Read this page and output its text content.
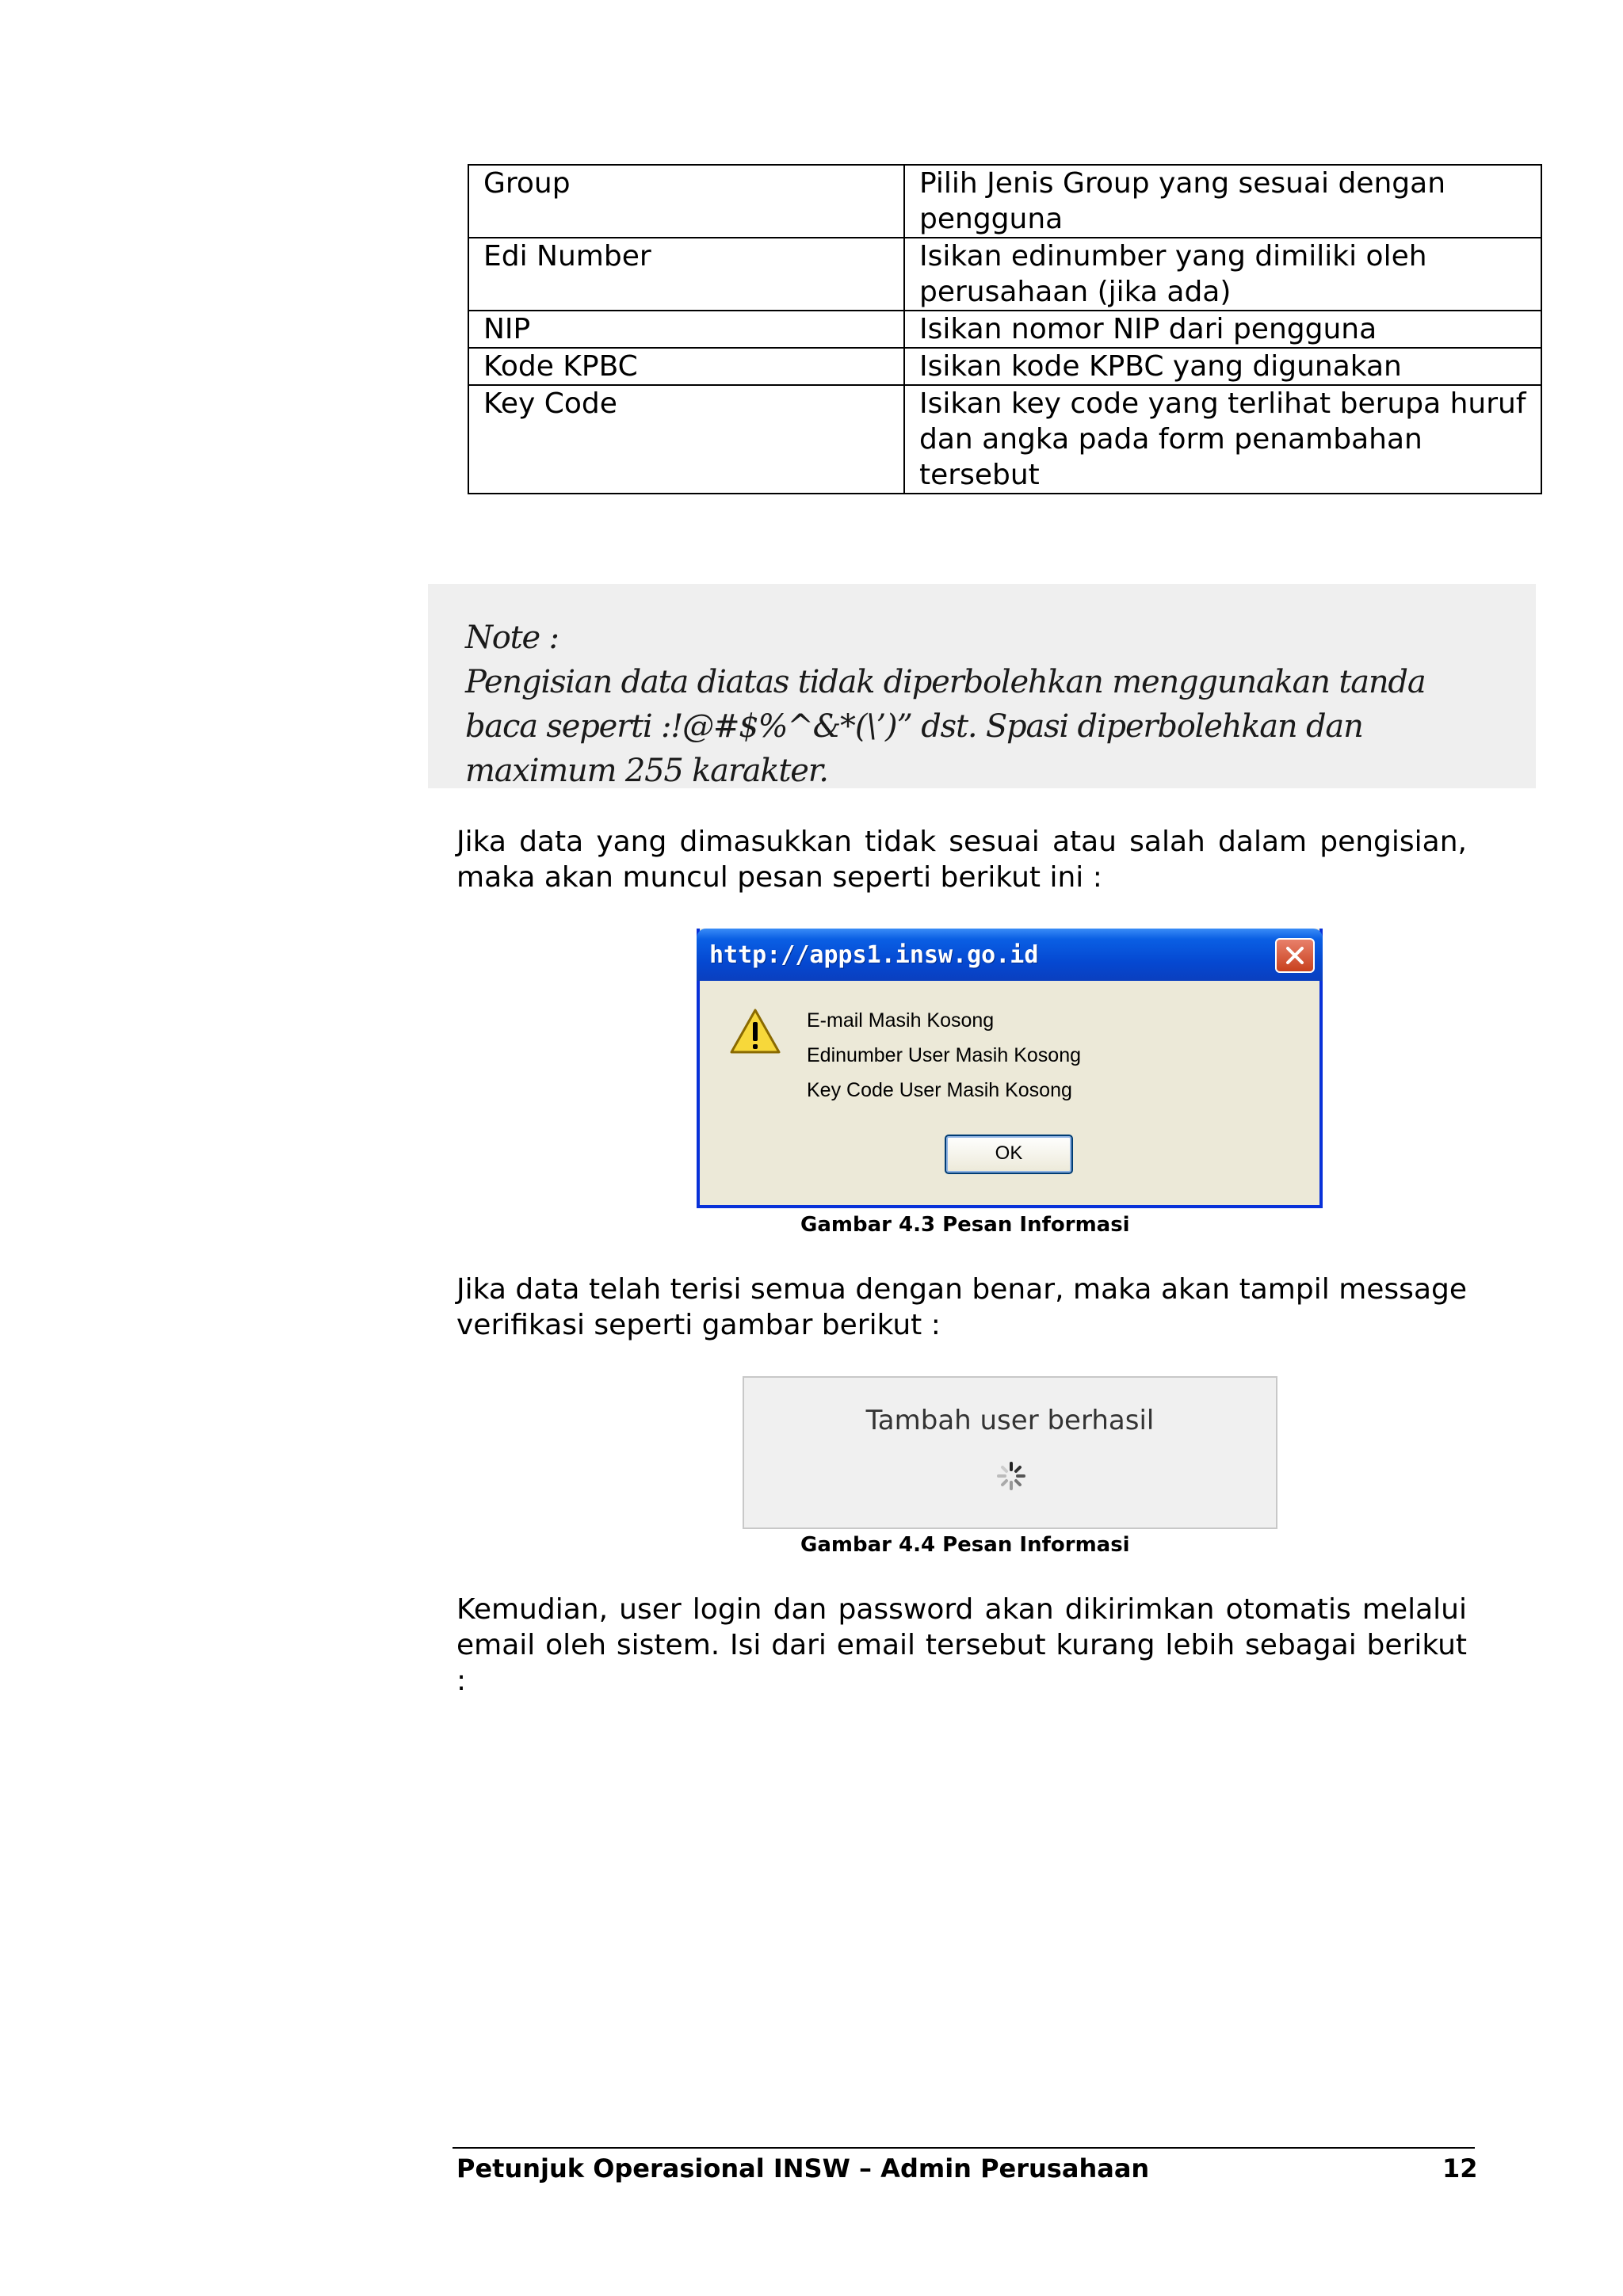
Group	Pilih Jenis Group yang sesuai dengan pengguna
Edi Number	Isikan edinumber yang dimiliki oleh perusahaan (jika ada)
NIP	Isikan nomor NIP dari pengguna
Kode KPBC	Isikan kode KPBC yang digunakan
Key Code	Isikan key code yang terlihat berupa huruf dan angka pada form penambahan tersebut
Note :
Pengisian data diatas tidak diperbolehkan menggunakan tanda baca seperti :!@#$%^&*(\’)” dst. Spasi diperbolehkan dan maximum 255 karakter.

Jika data yang dimasukkan tidak sesuai atau salah dalam pengisian, maka akan muncul pesan seperti berikut ini :

http://apps1.insw.go.id
E-mail Masih Kosong
Edinumber User Masih Kosong
Key Code User Masih Kosong
OK
Gambar 4.3 Pesan Informasi

Jika data telah terisi semua dengan benar, maka akan tampil message verifikasi seperti gambar berikut :

Tambah user berhasil
Gambar 4.4 Pesan Informasi

Kemudian, user login dan password akan dikirimkan otomatis melalui email oleh sistem. Isi dari email tersebut kurang lebih sebagai berikut :

Petunjuk Operasional INSW – Admin Perusahaan	12
